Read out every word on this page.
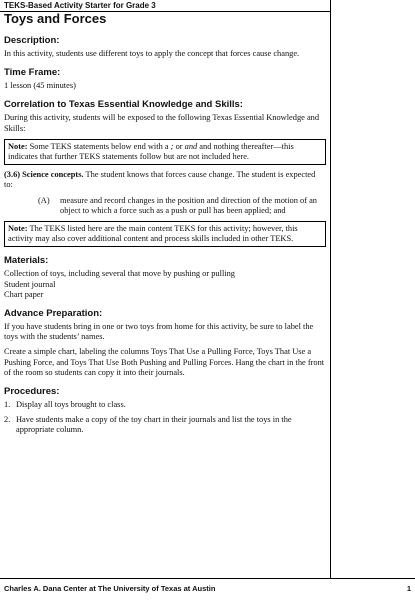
TEKS-Based Activity Starter for Grade 3
Toys and Forces
Description:

In this activity, students use different toys to apply the concept that forces cause change.

Time Frame:

1 lesson (45 minutes)

Correlation to Texas Essential Knowledge and Skills:

During this activity, students will be exposed to the following Texas Essential Knowledge and Skills:

Note: Some TEKS statements below end with a ; or and and nothing thereafter—this indicates that further TEKS statements follow but are not included here.

(3.6) Science concepts. The student knows that forces cause change. The student is expected to:

(A)	measure and record changes in the position and direction of the motion of an object to which a force such as a push or pull has been applied; and
Note: The TEKS listed here are the main content TEKS for this activity; however, this activity may also cover additional content and process skills included in other TEKS.
Materials:

Collection of toys, including several that move by pushing or pulling

Student journal

Chart paper

Advance Preparation:

If you have students bring in one or two toys from home for this activity, be sure to label the toys with the students’ names.

Create a simple chart, labeling the columns Toys That Use a Pulling Force, Toys That Use a Pushing Force, and Toys That Use Both Pushing and Pulling Forces. Hang the chart in the front of the room so students can copy it into their journals.

Procedures:
1. Display all toys brought to class.
2. Have students make a copy of the toy chart in their journals and list the toys in the appropriate column.
Charles A. Dana Center at The University of Texas at Austin	1
